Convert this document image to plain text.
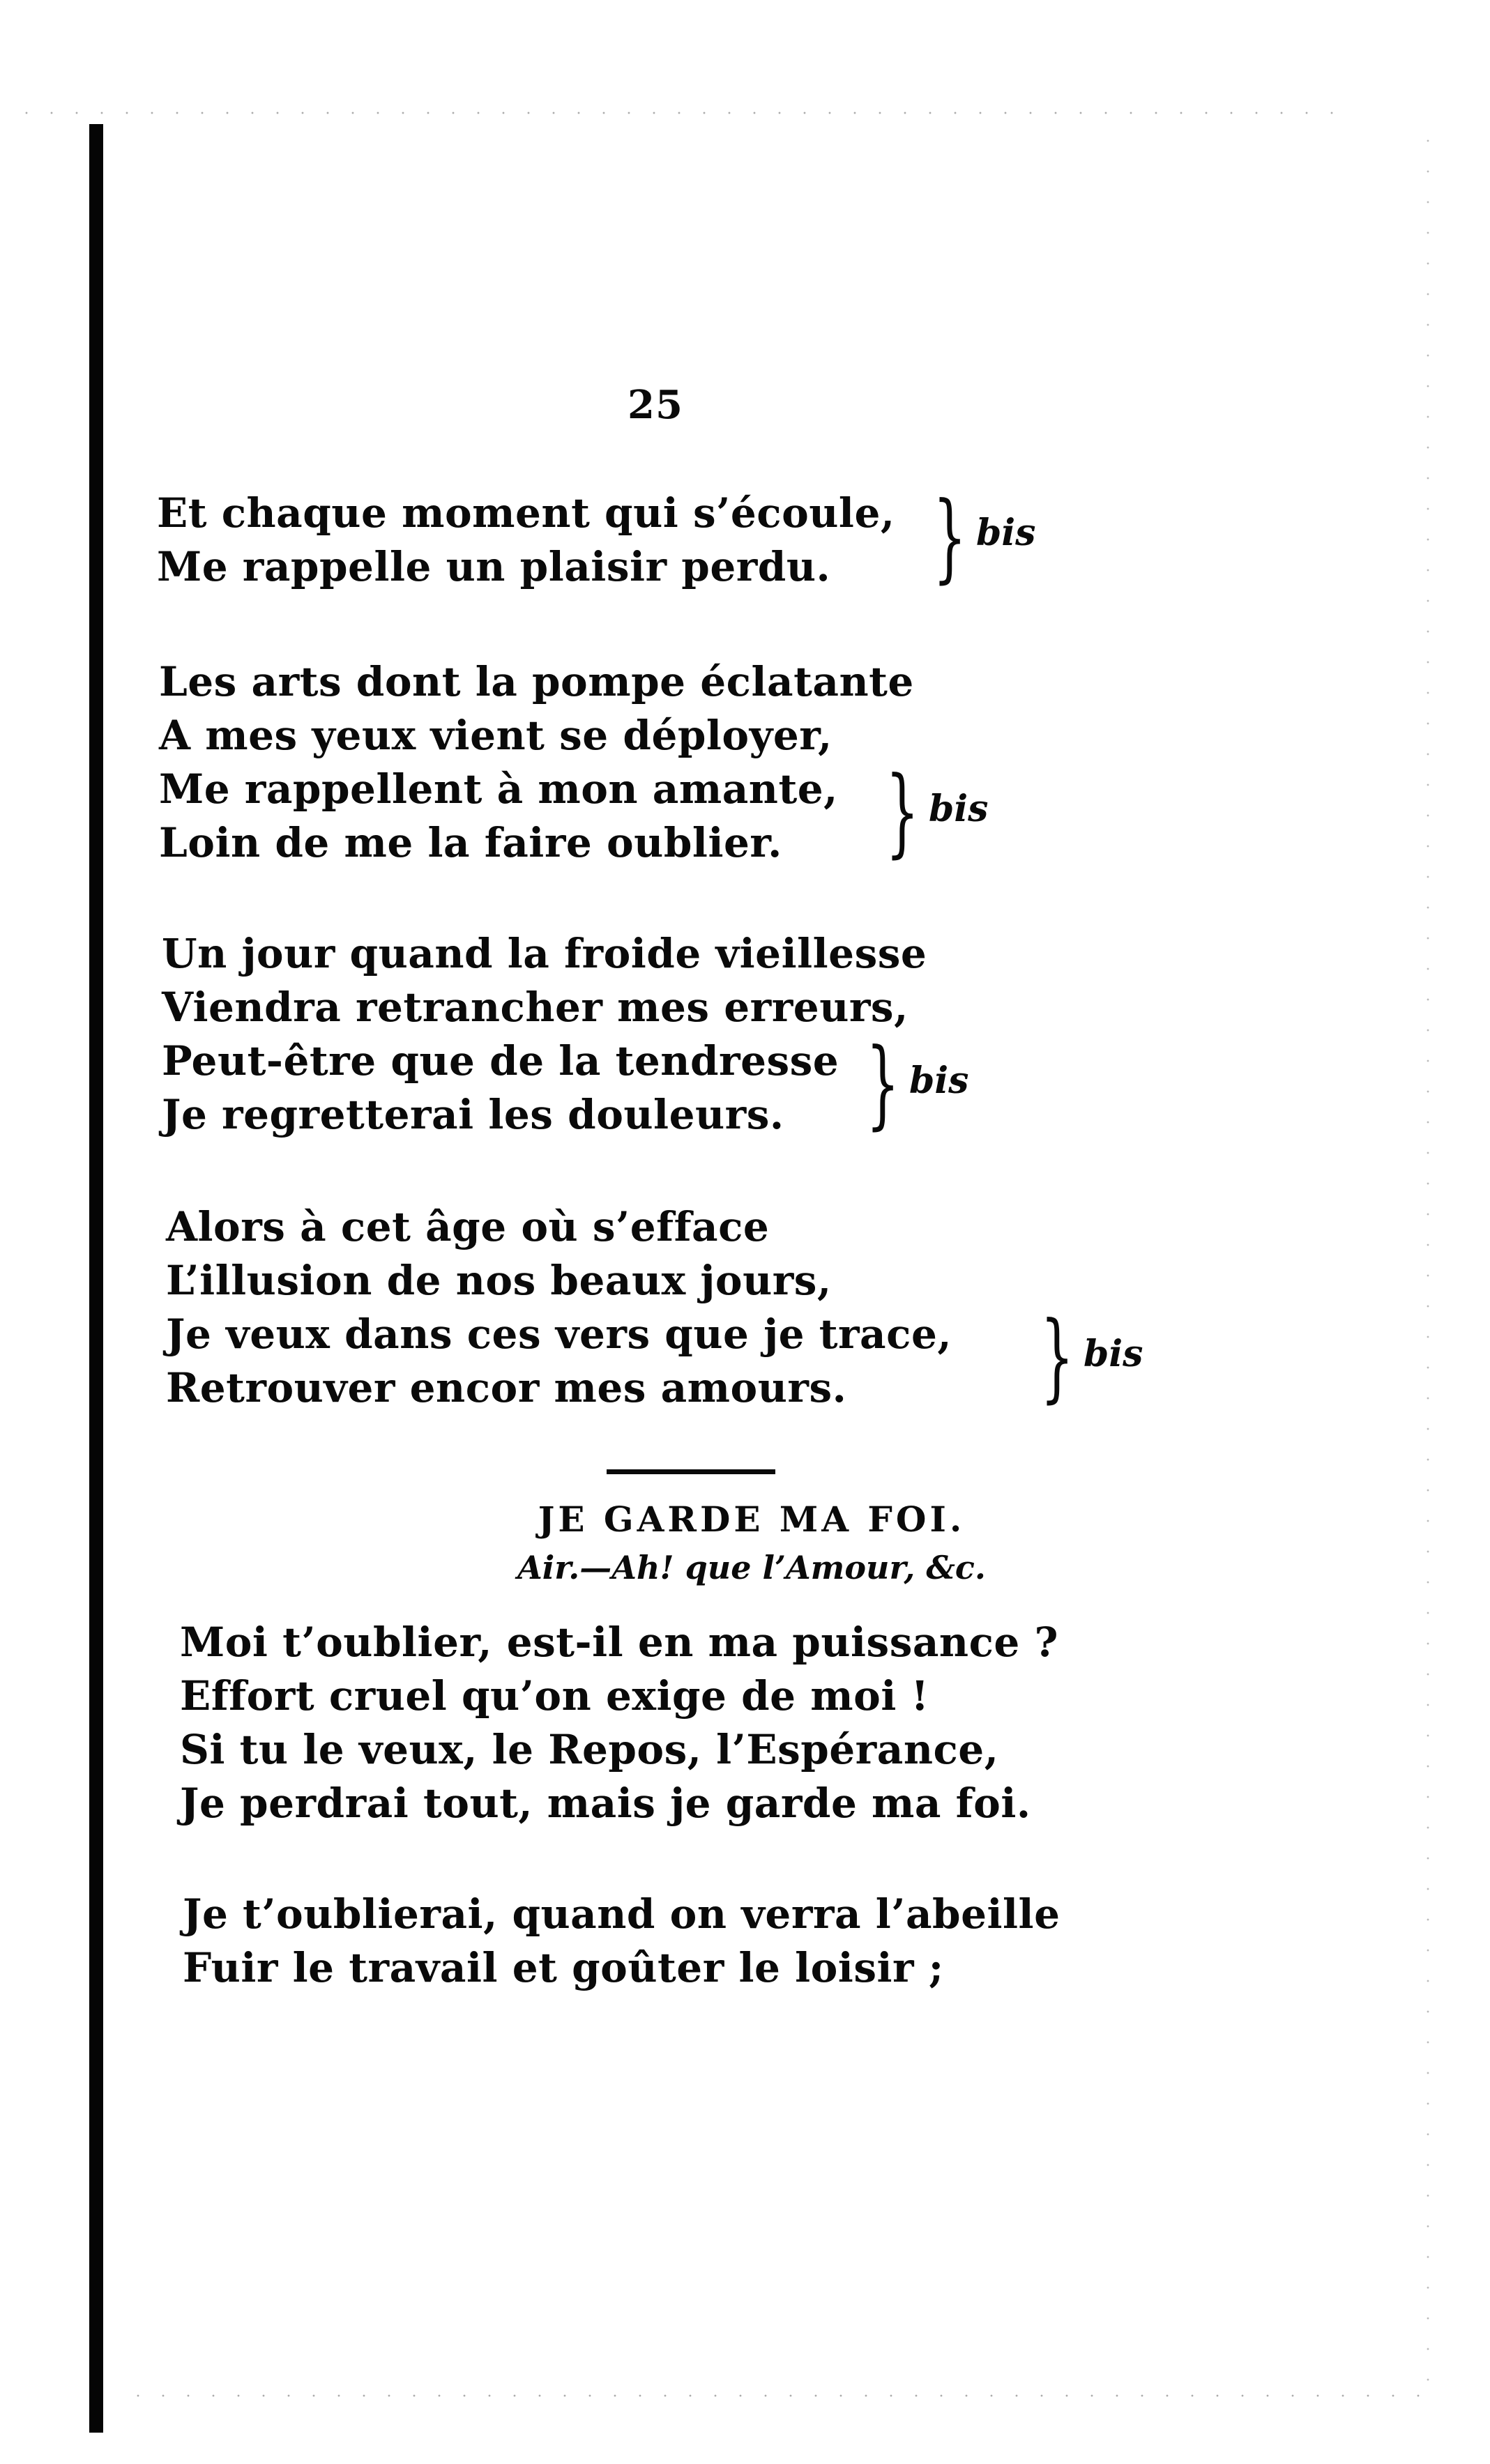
25
Et chaque moment qui s’écoule,
Me rappelle un plaisir perdu.	} bis
Les arts dont la pompe éclatante
A mes yeux vient se déployer,
Me rappellent à mon amante,
Loin de me la faire oublier.	} bis
Un jour quand la froide vieillesse
Viendra retrancher mes erreurs,
Peut-être que de la tendresse
Je regretterai les douleurs. } bis
Alors à cet âge où s’efface
L’illusion de nos beaux jours,
Je veux dans ces vers que je trace,
Retrouver encor mes amours.	} bis
JE GARDE MA FOI.
Air.—Ah! que l’Amour, &c.
Moi t’oublier, est-il en ma puissance ?
Effort cruel qu’on exige de moi !
Si tu le veux, le Repos, l’Espérance,
Je perdrai tout, mais je garde ma foi.
Je t’oublierai, quand on verra l’abeille
Fuir le travail et goûter le loisir ;
